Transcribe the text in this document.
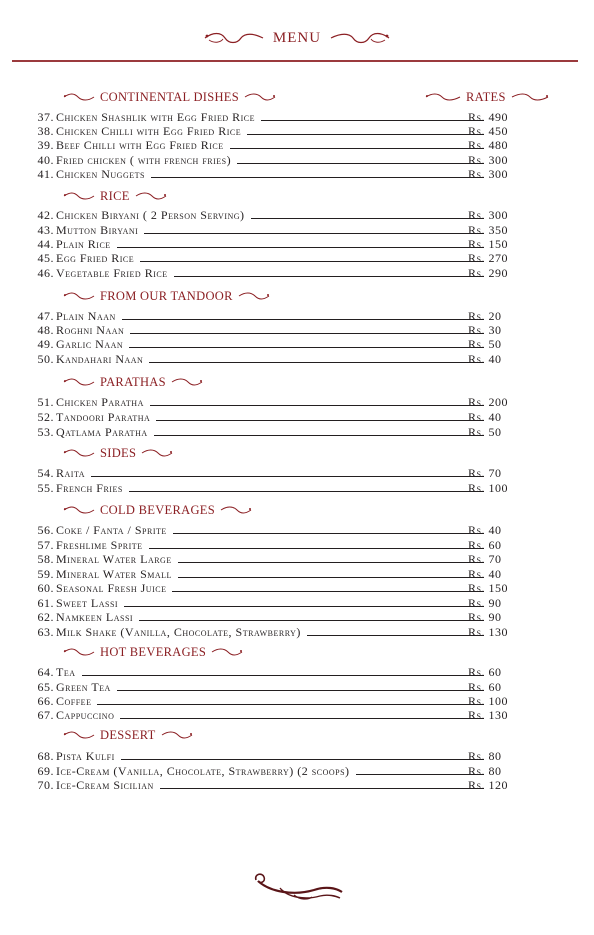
MENU
RATES
CONTINENTAL DISHES
RICE
FROM OUR TANDOOR
PARATHAS
SIDES
COLD BEVERAGES
HOT BEVERAGES
DESSERT
37. Chicken Shashlik with Egg Fried Rice	Rs. 490
38. Chicken Chilli with Egg Fried Rice	Rs. 450
39. Beef Chilli with Egg Fried Rice	Rs. 480
40. Fried chicken ( with french fries)	Rs. 300
41. Chicken Nuggets	Rs. 300
42. Chicken Biryani ( 2 Person Serving)	Rs. 300
43. Mutton Biryani	Rs. 350
44. Plain Rice	Rs. 150
45. Egg Fried Rice	Rs. 270
46. Vegetable Fried Rice	Rs. 290
47. Plain Naan	Rs. 20
48. Roghni Naan	Rs. 30
49. Garlic Naan	Rs. 50
50. Kandahari Naan	Rs. 40
51. Chicken Paratha	Rs. 200
52. Tandoori Paratha	Rs. 40
53. Qatlama Paratha	Rs. 50
54. Raita	Rs. 70
55. French Fries	Rs. 100
56. Coke / Fanta / Sprite	Rs. 40
57. Freshlime Sprite	Rs. 60
58. Mineral Water Large	Rs. 70
59. Mineral Water Small	Rs. 40
60. Seasonal Fresh Juice	Rs. 150
61. Sweet Lassi	Rs. 90
62. Namkeen Lassi	Rs. 90
63. Milk Shake (Vanilla, Chocolate, Strawberry)	Rs. 130
64. Tea	Rs. 60
65. Green Tea	Rs. 60
66. Coffee	Rs. 100
67. Cappuccino	Rs. 130
68. Pista Kulfi	Rs. 80
69. Ice-Cream (Vanilla, Chocolate, Strawberry) (2 scoops)	Rs. 80
70. Ice-Cream Sicilian	Rs. 120
